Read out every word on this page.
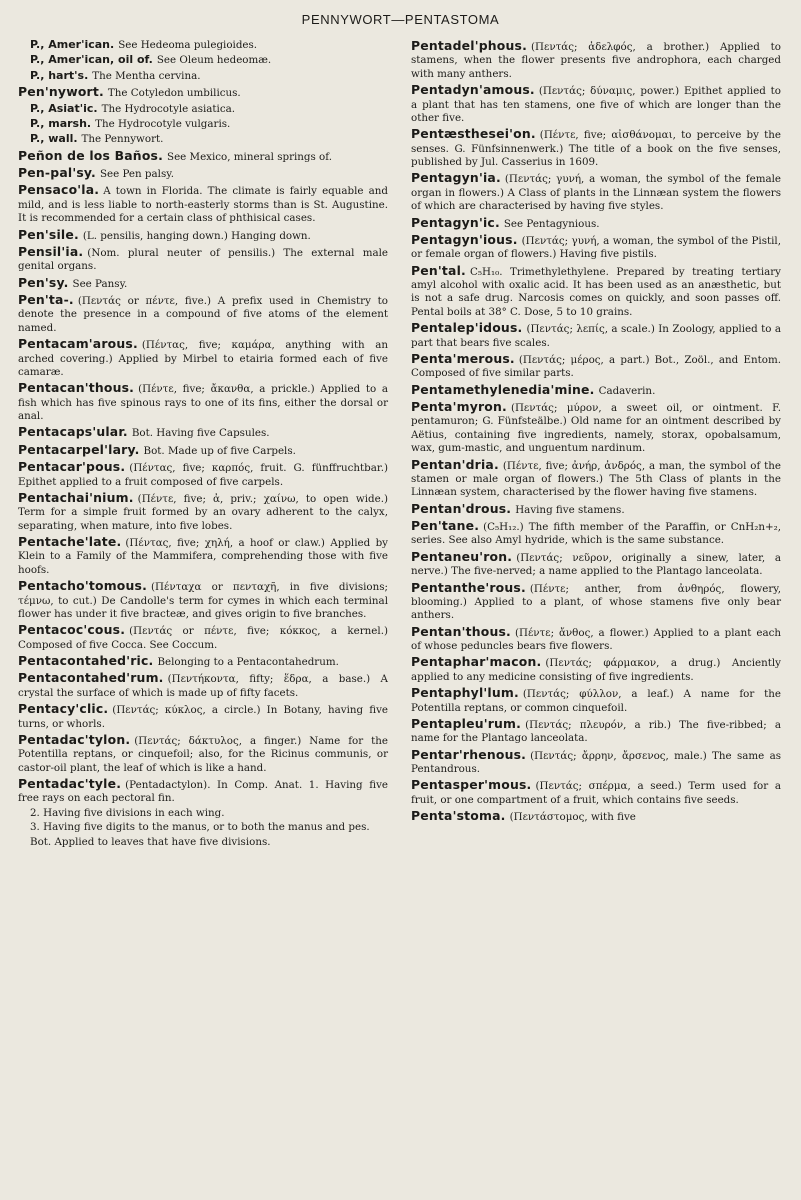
PENNYWORT—PENTASTOMA
P., Amer'ican. See Hedeoma pulegioides.
P., Amer'ican, oil of. See Oleum hedeomæ.
P., hart's. The Mentha cervina.
Pen'nywort. The Cotyledon umbilicus.
P., Asiat'ic. The Hydrocotyle asiatica.
P., marsh. The Hydrocotyle vulgaris.
P., wall. The Pennywort.
Peñon de los Baños. See Mexico, mineral springs of.
Pen-pal'sy. See Pen palsy.
Pensaco'la. A town in Florida. The climate is fairly equable and mild, and is less liable to north-easterly storms than is St. Augustine. It is recommended for a certain class of phthisical cases.
Pen'sile. (L. pensilis, hanging down.) Hanging down.
Pensil'ia. (Nom. plural neuter of pensilis.) The external male genital organs.
Pen'sy. See Pansy.
Pen'ta-. (Πεντάς or πέντε, five.) A prefix used in Chemistry to denote the presence in a compound of five atoms of the element named.
Pentacam'arous. (Πέντας, five; καμάρα, anything with an arched covering.) Applied by Mirbel to etairia formed each of five camaræ.
Pentacan'thous. (Πέντε, five; ἄκανθα, a prickle.) Applied to a fish which has five spinous rays to one of its fins, either the dorsal or anal.
Pentacaps'ular. Bot. Having five Capsules.
Pentacarpel'lary. Bot. Made up of five Carpels.
Pentacar'pous. (Πέντας, five; καρπός, fruit. G. fünffruchtbar.) Epithet applied to a fruit composed of five carpels.
Pentachai'nium. (Πέντε, five; ἀ, priv.; χαίνω, to open wide.) Term for a simple fruit formed by an ovary adherent to the calyx, separating, when mature, into five lobes.
Pentache'late. (Πέντας, five; χηλή, a hoof or claw.) Applied by Klein to a Family of the Mammifera, comprehending those with five hoofs.
Pentacho'tomous. (Πένταχα or πενταχῆ, in five divisions; τέμνω, to cut.) De Candolle's term for cymes in which each terminal flower has under it five bracteæ, and gives origin to five branches.
Pentacoc'cous. (Πεντάς or πέντε, five; κόκκος, a kernel.) Composed of five Cocca. See Coccum.
Pentacontahed'ric. Belonging to a Pentacontahedrum.
Pentacontahed'rum. (Πεντήκοντα, fifty; ἕδρα, a base.) A crystal the surface of which is made up of fifty facets.
Pentacy'clic. (Πεντάς; κύκλος, a circle.) In Botany, having five turns, or whorls.
Pentadac'tylon. (Πεντάς; δάκτυλος, a finger.) Name for the Potentilla reptans, or cinquefoil; also, for the Ricinus communis, or castor-oil plant, the leaf of which is like a hand.
Pentadac'tyle. (Pentadactylon). In Comp. Anat. 1. Having five free rays on each pectoral fin.
2. Having five divisions in each wing.
3. Having five digits to the manus, or to both the manus and pes.
Bot. Applied to leaves that have five divisions.
Pentadel'phous. (Πεντάς; ἀδελφός, a brother.) Applied to stamens, when the flower presents five androphora, each charged with many anthers.
Pentadyn'amous. (Πεντάς; δύναμις, power.) Epithet applied to a plant that has ten stamens, one five of which are longer than the other five.
Pentæsthesei'on. (Πέντε, five; αἰσθάνομαι, to perceive by the senses. G. Fünfsinnenwerk.) The title of a book on the five senses, published by Jul. Casserius in 1609.
Pentagyn'ia. (Πεντάς; γυνή, a woman, the symbol of the female organ in flowers.) A Class of plants in the Linnæan system the flowers of which are characterised by having five styles.
Pentagyn'ic. See Pentagynious.
Pentagyn'ious. (Πεντάς; γυνή, a woman, the symbol of the Pistil, or female organ of flowers.) Having five pistils.
Pen'tal. C₅H₁₀. Trimethylethylene. Prepared by treating tertiary amyl alcohol with oxalic acid. It has been used as an anæsthetic, but is not a safe drug. Narcosis comes on quickly, and soon passes off. Pental boils at 38° C. Dose, 5 to 10 grains.
Pentalep'idous. (Πεντάς; λεπίς, a scale.) In Zoology, applied to a part that bears five scales.
Penta'merous. (Πεντάς; μέρος, a part.) Bot., Zoöl., and Entom. Composed of five similar parts.
Pentamethylenedia'mine. Cadaverin.
Penta'myron. (Πεντάς; μύρον, a sweet oil, or ointment. F. pentamuron; G. Fünfsteälbe.) Old name for an ointment described by Aëtius, containing five ingredients, namely, storax, opobalsamum, wax, gum-mastic, and unguentum nardinum.
Pentan'dria. (Πέντε, five; ἀνήρ, ἀνδρός, a man, the symbol of the stamen or male organ of flowers.) The 5th Class of plants in the Linnæan system, characterised by the flower having five stamens.
Pentan'drous. Having five stamens.
Pen'tane. (C₅H₁₂.) The fifth member of the Paraffin, or CnH₂n+₂, series. See also Amyl hydride, which is the same substance.
Pentaneu'ron. (Πεντάς; νεῦρον, originally a sinew, later, a nerve.) The five-nerved; a name applied to the Plantago lanceolata.
Pentanthe'rous. (Πέντε; anther, from ἀνθηρός, flowery, blooming.) Applied to a plant, of whose stamens five only bear anthers.
Pentan'thous. (Πέντε; ἄνθος, a flower.) Applied to a plant each of whose peduncles bears five flowers.
Pentaphar'macon. (Πεντάς; φάρμακον, a drug.) Anciently applied to any medicine consisting of five ingredients.
Pentaphyl'lum. (Πεντάς; φύλλον, a leaf.) A name for the Potentilla reptans, or common cinquefoil.
Pentapleu'rum. (Πεντάς; πλευρόν, a rib.) The five-ribbed; a name for the Plantago lanceolata.
Pentar'rhenous. (Πεντάς; ἄρρην, ἄρσενος, male.) The same as Pentandrous.
Pentasper'mous. (Πεντάς; σπέρμα, a seed.) Term used for a fruit, or one compartment of a fruit, which contains five seeds.
Penta'stoma. (Πεντάστομος, with five
